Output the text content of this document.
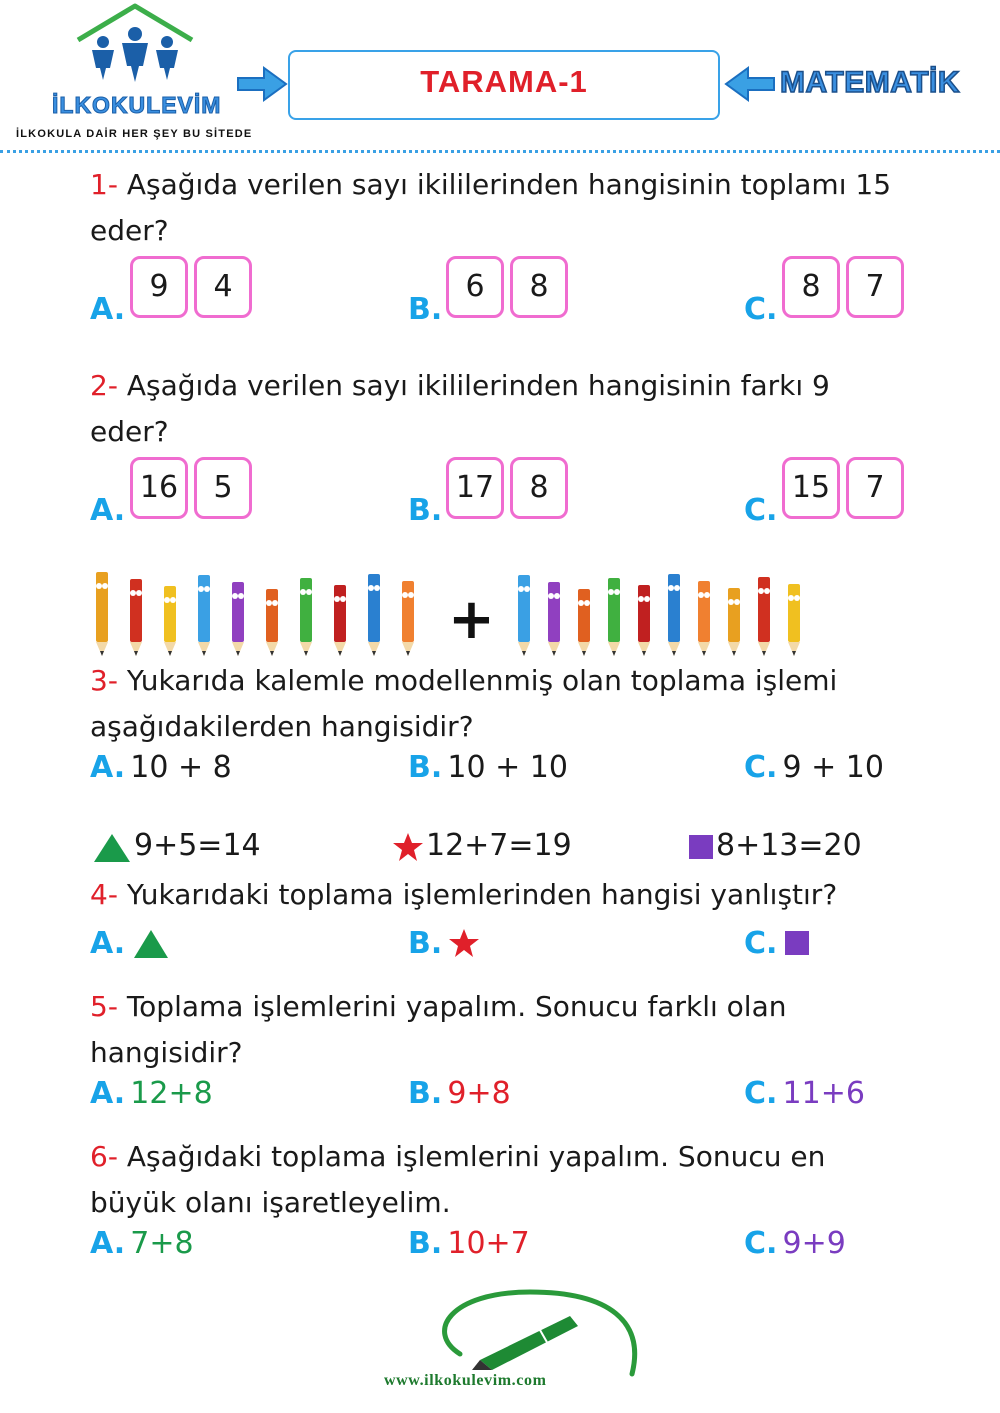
İLKOKULEVİM
İLKOKULA DAİR HER ŞEY BU SİTEDE
TARAMA-1	MATEMATİK
1- Aşağıda verilen sayı ikililerinden hangisinin toplamı 15 eder?
A.
9	4
B.
6	8
C.
8	7
2- Aşağıda verilen sayı ikililerinden hangisinin farkı 9 eder?
A.
16	5
B.
17	8
C.
15	7
+
3- Yukarıda kalemle modellenmiş olan toplama işlemi aşağıdakilerden hangisidir?
A. 10 + 8	B. 10 + 10	C. 9 + 10
9+5=14	12+7=19	8+13=20
4- Yukarıdaki toplama işlemlerinden hangisi yanlıştır?
A.	B.	C.
5- Toplama işlemlerini yapalım. Sonucu farklı olan hangisidir?
A. 12+8	B. 9+8	C. 11+6
6- Aşağıdaki toplama işlemlerini yapalım. Sonucu en büyük olanı işaretleyelim.
A. 7+8	B. 10+7	C. 9+9
www.ilkokulevim.com
